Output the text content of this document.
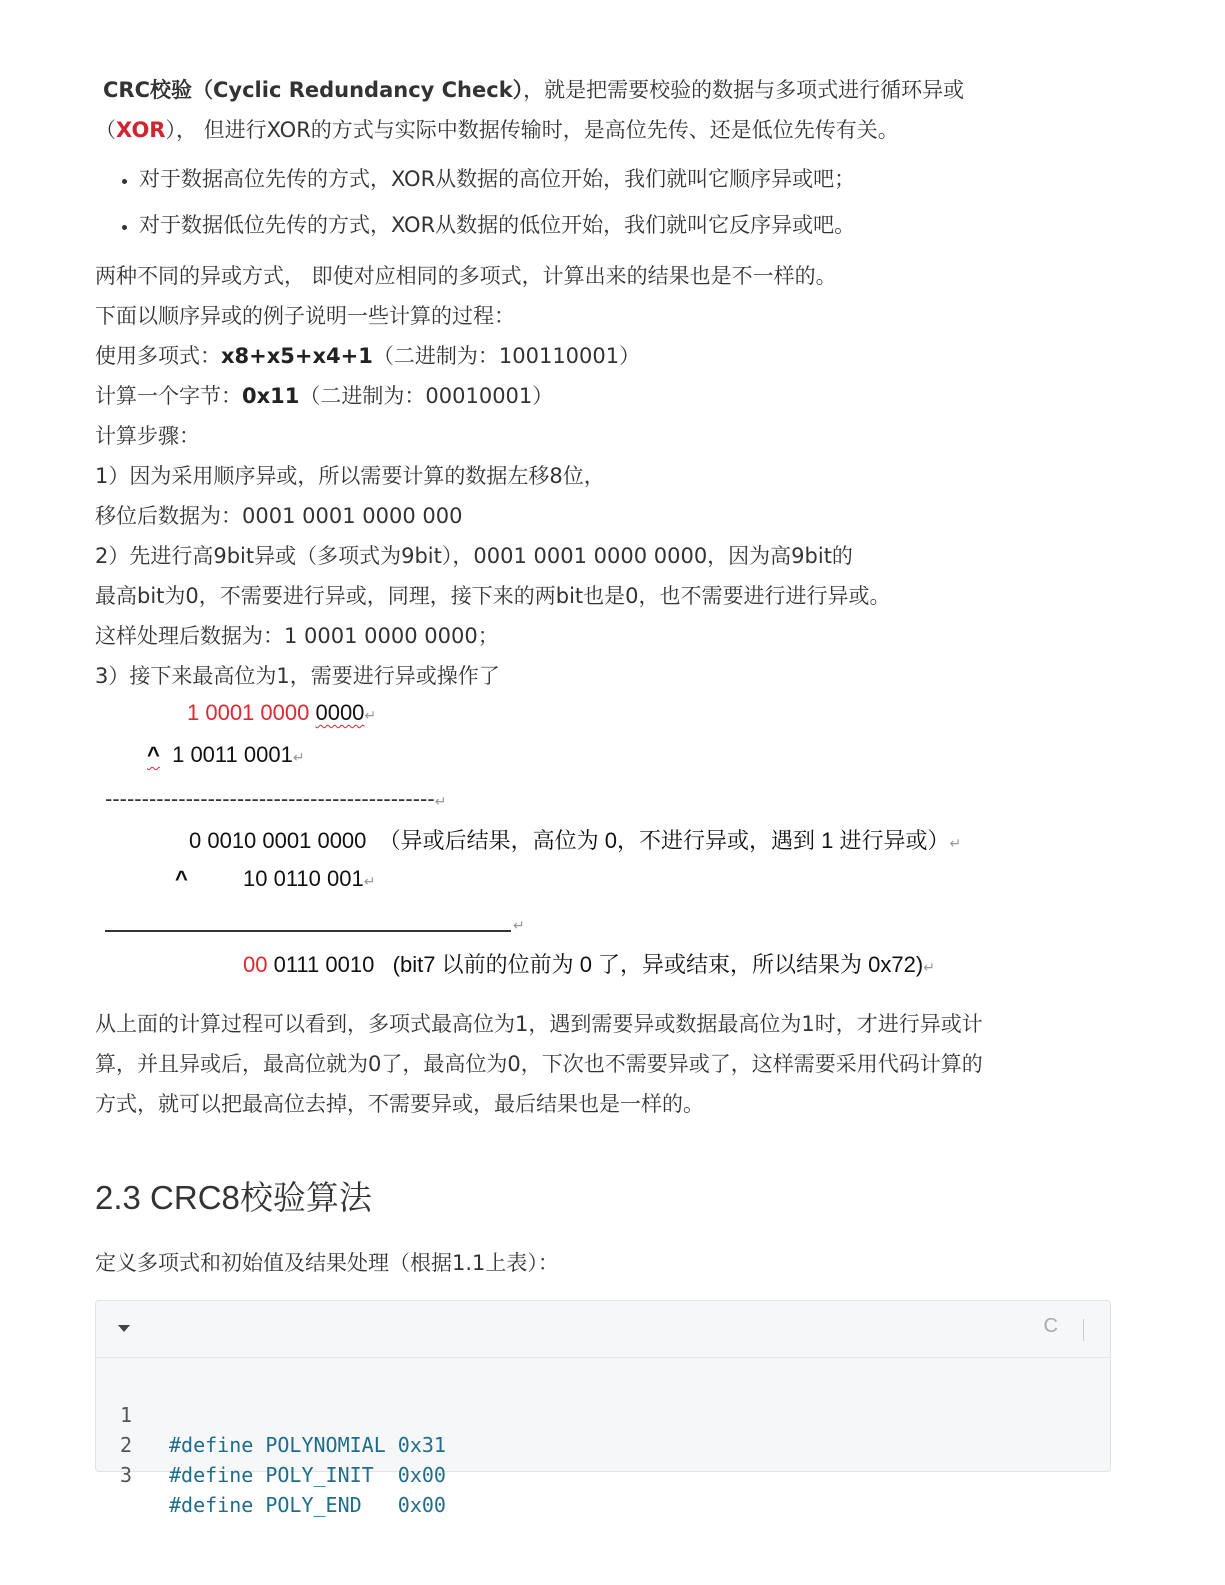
CRC校验（Cyclic Redundancy Check），就是把需要校验的数据与多项式进行循环异或
（XOR）， 但进行XOR的方式与实际中数据传输时，是高位先传、还是低位先传有关。
• 对于数据高位先传的方式，XOR从数据的高位开始，我们就叫它顺序异或吧；
• 对于数据低位先传的方式，XOR从数据的低位开始，我们就叫它反序异或吧。

两种不同的异或方式， 即使对应相同的多项式，计算出来的结果也是不一样的。

下面以顺序异或的例子说明一些计算的过程：

使用多项式：x8+x5+x4+1（二进制为：100110001）

计算一个字节：0x11（二进制为：00010001）

计算步骤：

1）因为采用顺序异或，所以需要计算的数据左移8位，

移位后数据为：0001 0001 0000 000

2）先进行高9bit异或（多项式为9bit），0001 0001 0000 0000，因为高9bit的

最高bit为0，不需要进行异或，同理，接下来的两bit也是0，也不需要进行进行异或。

这样处理后数据为：1 0001 0000 0000；

3）接下来最高位为1，需要进行异或操作了

1 0001 0000 0000↵
^ 1 0011 0001↵
---------------------------------------------↵
0 0010 0001 0000 （异或后结果，高位为 0，不进行异或，遇到 1 进行异或）↵
^	10 0110 001↵
↵
00 0111 0010 (bit7 以前的位前为 0 了，异或结束，所以结果为 0x72)↵

从上面的计算过程可以看到，多项式最高位为1，遇到需要异或数据最高位为1时，才进行异或计

算，并且异或后，最高位就为0了，最高位为0，下次也不需要异或了，这样需要采用代码计算的

方式，就可以把最高位去掉，不需要异或，最后结果也是一样的。

2.3 CRC8校验算法
定义多项式和初始值及结果处理（根据1.1上表）：
C

1

#define POLYNOMIAL 0x31

2

#define POLY_INIT  0x00

3

#define POLY_END   0x00
